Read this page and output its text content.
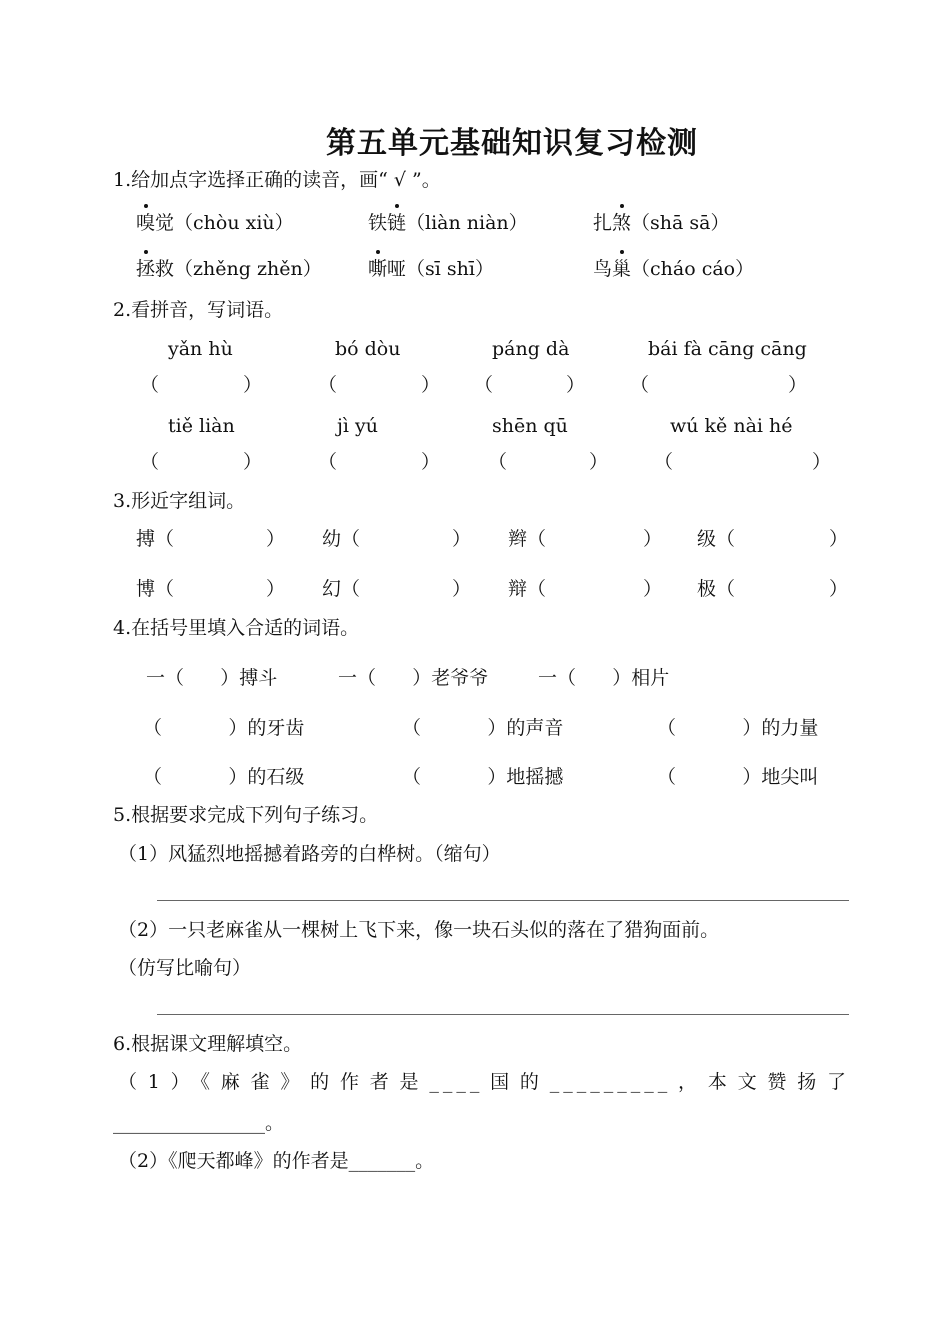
第五单元基础知识复习检测
1.给加点字选择正确的读音，画“ √ ”。
嗅觉（chòu xiù）	铁链（liàn niàn）	扎煞（shā sā）
拯救（zhěng zhěn） 嘶哑（sī shī）	鸟巢（cháo cáo）
2.看拼音，写词语。
yǎn hù	bó dòu	páng dà	bái fà cāng cāng
（	）	（	） （	） （	）
tiě liàn	jì yú	shēn qū	wú kě nài hé
（	）	（	）	（	） （	）
3.形近字组词。
搏（	） 幼（	） 辫（	） 级（	）
博（	） 幻（	） 辩（	） 极（	）
4.在括号里填入合适的词语。
一（      ）搏斗	一（      ）老爷爷	一（      ）相片
（           ）的牙齿	（           ）的声音	（           ）的力量
（           ）的石级	（           ）地摇撼	（           ）地尖叫
5.根据要求完成下列句子练习。
（1）风猛烈地摇撼着路旁的白桦树。（缩句）
（2）一只老麻雀从一棵树上飞下来，像一块石头似的落在了猎狗面前。
（仿写比喻句）
6.根据课文理解填空。
（1）《麻雀》的作者是____国的_________，本文赞扬了
________________。
（2）《爬天都峰》的作者是_______。
